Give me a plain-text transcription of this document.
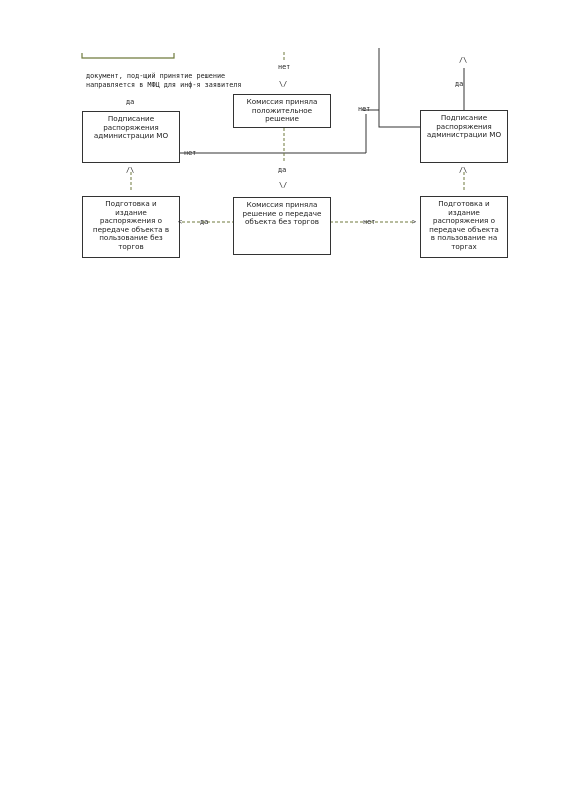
документ, под-щий принятие решение
направляется в МФЦ для инф-я заявителя
Подписание
распоряжения
администрации МО
Комиссия приняла
положительное
решение	Подписание
распоряжения
администрации МО
Подготовка и
издание
распоряжения о
передаче объекта в
пользование без
торгов
Комиссия приняла
решение о передаче
объекта без торгов
Подготовка и
издание
распоряжения о
передаче объекта
в пользование на
торгах
нет
\/
да
/\
да
нет
нет
/\	да
\/
/\
<	да	нет	>
